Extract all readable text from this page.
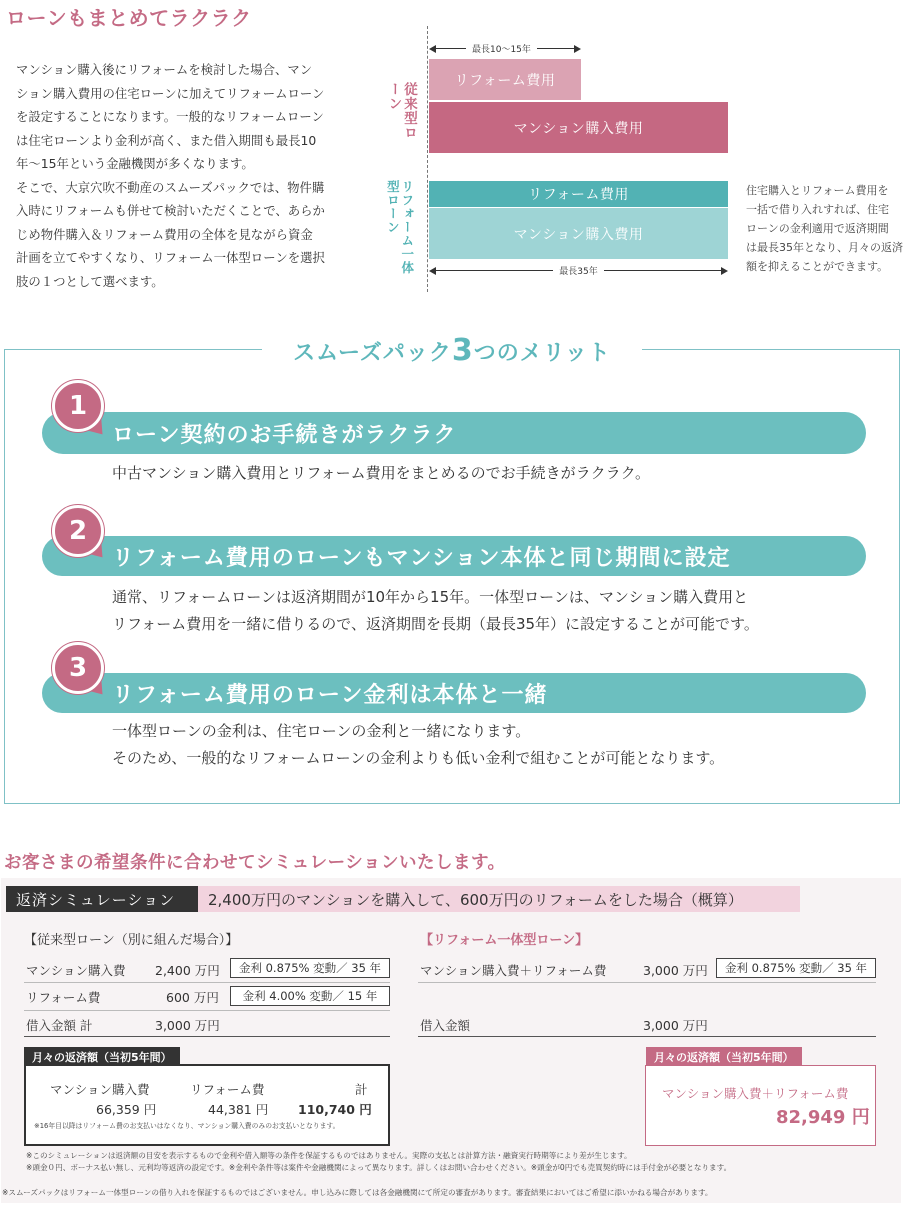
ローンもまとめてラクラク

マンション購入後にリフォームを検討した場合、マン

ション購入費用の住宅ローンに加えてリフォームローン

を設定することになります。一般的なリフォームローン

は住宅ローンより金利が高く、また借入期間も最長10

年〜15年という金融機関が多くなります。

そこで、大京穴吹不動産のスムーズパックでは、物件購

入時にリフォームも併せて検討いただくことで、あらか

じめ物件購入＆リフォーム費用の全体を見ながら資金

計画を立てやすくなり、リフォーム一体型ローンを選択

肢の１つとして選べます。

最長10〜15年
リフォーム費用
マンション購入費用
リフォーム費用
マンション購入費用
最長35年
従来型ローン
リフォーム一体型ローン	住宅購入とリフォーム費用を
一括で借り入れすれば、住宅
ローンの金利適用で返済期間
は最長35年となり、月々の返済
額を抑えることができます。
スムーズパック3つのメリット
ローン契約のお手続きがラクラク
1
中古マンション購入費用とリフォーム費用をまとめるのでお手続きがラクラク。
リフォーム費用のローンもマンション本体と同じ期間に設定
2
通常、リフォームローンは返済期間が10年から15年。一体型ローンは、マンション購入費用と
リフォーム費用を一緒に借りるので、返済期間を長期（最長35年）に設定することが可能です。
リフォーム費用のローン金利は本体と一緒
3
一体型ローンの金利は、住宅ローンの金利と一緒になります。
そのため、一般的なリフォームローンの金利よりも低い金利で組むことが可能となります。
お客さまの希望条件に合わせてシミュレーションいたします。
返済シミュレーション	2,400万円のマンションを購入して、600万円のリフォームをした場合（概算）
【従来型ローン（別に組んだ場合）】
マンション購入費 2,400 万円	金利 0.875% 変動／ 35 年
リフォーム費	600 万円	金利 4.00% 変動／ 15 年
借入金額 計	3,000 万円
月々の返済額（当初5年間）
マンション購入費	リフォーム費	計
66,359 円	44,381 円 110,740 円
※16年目以降はリフォーム費のお支払いはなくなり、マンション購入費のみのお支払いとなります。
【リフォーム一体型ローン】
マンション購入費＋リフォーム費	3,000 万円	金利 0.875% 変動／ 35 年
借入金額	3,000 万円
月々の返済額（当初5年間）
マンション購入費＋リフォーム費
82,949 円
※このシミュレーションは返済額の目安を表示するもので金利や借入額等の条件を保証するものではありません。実際の支払とは計算方法・融資実行時期等により差が生じます。
※頭金０円、ボーナス払い無し、元利均等返済の設定です。※金利や条件等は案件や金融機関によって異なります。詳しくはお問い合わせください。※頭金が0円でも売買契約時には手付金が必要となります。
※スムーズパックはリフォーム一体型ローンの借り入れを保証するものではございません。申し込みに際しては各金融機関にて所定の審査があります。審査結果においてはご希望に添いかねる場合があります。
